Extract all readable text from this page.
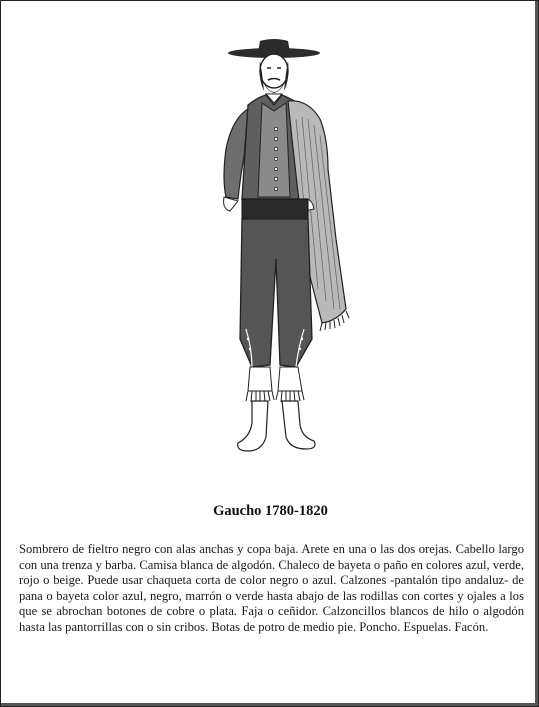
Gaucho 1780-1820
Sombrero de fieltro negro con alas anchas y copa baja. Arete en una o las dos orejas. Cabello largo con una trenza y barba. Camisa blanca de algodón. Chaleco de bayeta o paño en colores azul, verde, rojo o beige. Puede usar chaqueta corta de color negro o azul. Calzones -pantalón tipo andaluz- de pana o bayeta color azul, negro, marrón o verde hasta abajo de las rodillas con cortes y ojales a los que se abrochan botones de cobre o plata. Faja o ceñidor. Calzoncillos blancos de hilo o algodón hasta las pantorrillas con o sin cribos. Botas de potro de medio pie. Poncho. Espuelas. Facón.
